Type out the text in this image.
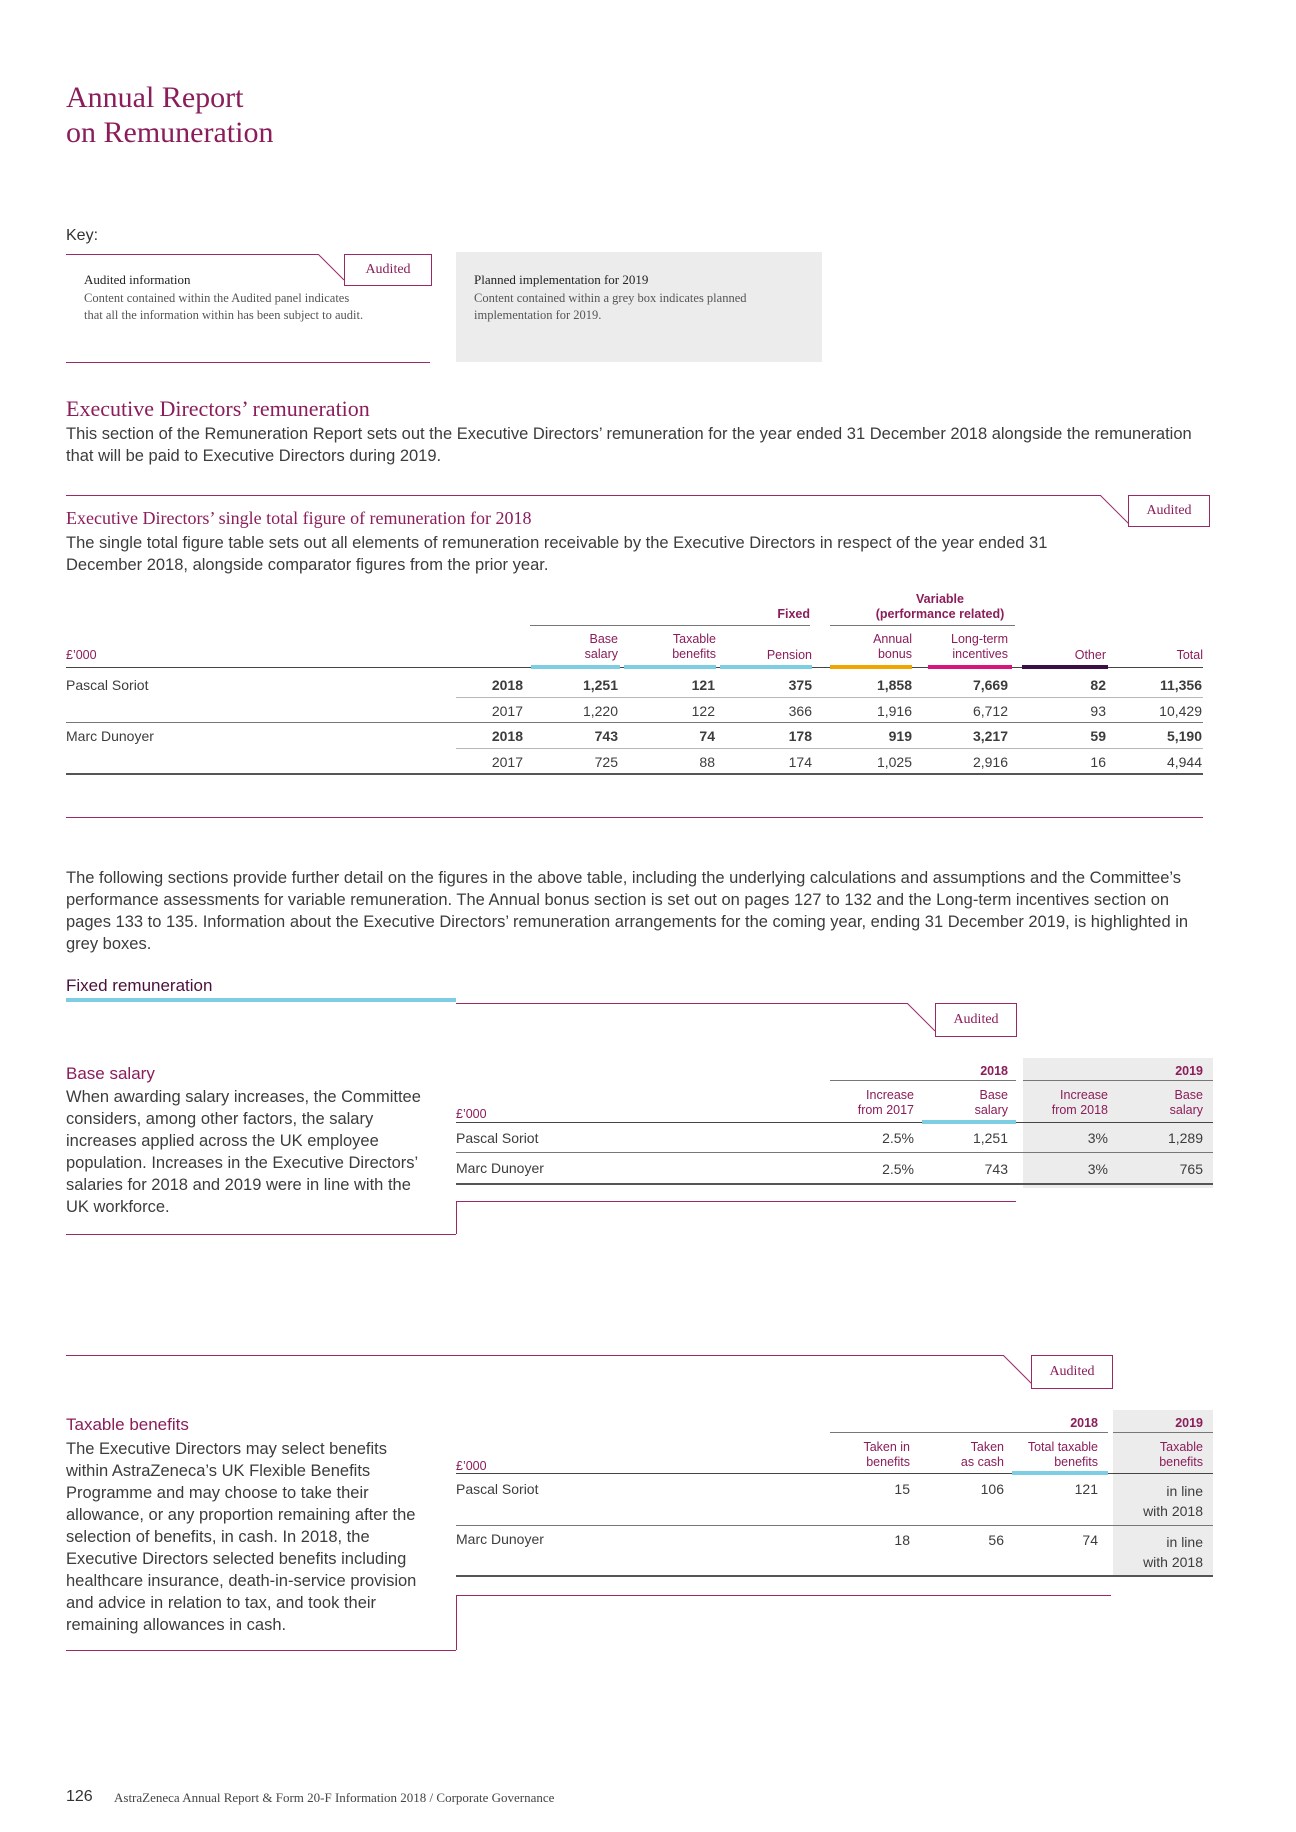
Annual Report
on Remuneration
Key:
Audited
Audited information
Content contained within the Audited panel indicates that all the information within has been subject to audit.
Planned implementation for 2019
Content contained within a grey box indicates planned implementation for 2019.
Executive Directors’ remuneration
This section of the Remuneration Report sets out the Executive Directors’ remuneration for the year ended 31 December 2018 alongside the remuneration that will be paid to Executive Directors during 2019.
Audited
Executive Directors’ single total figure of remuneration for 2018
The single total figure table sets out all elements of remuneration receivable by the Executive Directors in respect of the year ended 31 December 2018, alongside comparator figures from the prior year.
Fixed
Variable
(performance related)
£’000
Base
salary
Taxable
benefits	Pension
Annual
bonus
Long-term
incentives	Other	Total
Pascal Soriot	2018	1,251	121	375	1,858	7,669	82	11,356
2017	1,220	122	366	1,916	6,712	93	10,429
Marc Dunoyer	2018	743	74	178	919	3,217	59	5,190
2017	725	88	174	1,025	2,916	16	4,944
The following sections provide further detail on the figures in the above table, including the underlying calculations and assumptions and the Committee’s performance assessments for variable remuneration. The Annual bonus section is set out on pages 127 to 132 and the Long-term incentives section on pages 133 to 135. Information about the Executive Directors’ remuneration arrangements for the coming year, ending 31 December 2019, is highlighted in grey boxes.
Fixed remuneration
Audited
Base salary
When awarding salary increases, the Committee considers, among other factors, the salary increases applied across the UK employee population. Increases in the Executive Directors’ salaries for 2018 and 2019 were in line with the UK workforce.
2018	2019
£’000
Increase
from 2017
Base
salary
Increase
from 2018
Base
salary
Pascal Soriot	2.5%	1,251	3%	1,289
Marc Dunoyer	2.5%	743	3%	765
Audited
Taxable benefits
The Executive Directors may select benefits within AstraZeneca’s UK Flexible Benefits Programme and may choose to take their allowance, or any proportion remaining after the selection of benefits, in cash. In 2018, the Executive Directors selected benefits including healthcare insurance, death-in-service provision and advice in relation to tax, and took their remaining allowances in cash.
2018	2019
£’000
Taken in
benefits
Taken
as cash
Total taxable
benefits
Taxable
benefits
Pascal Soriot	15	106	121	in line
with 2018
Marc Dunoyer	18	56	74	in line
with 2018
126 AstraZeneca Annual Report & Form 20-F Information 2018 / Corporate Governance
